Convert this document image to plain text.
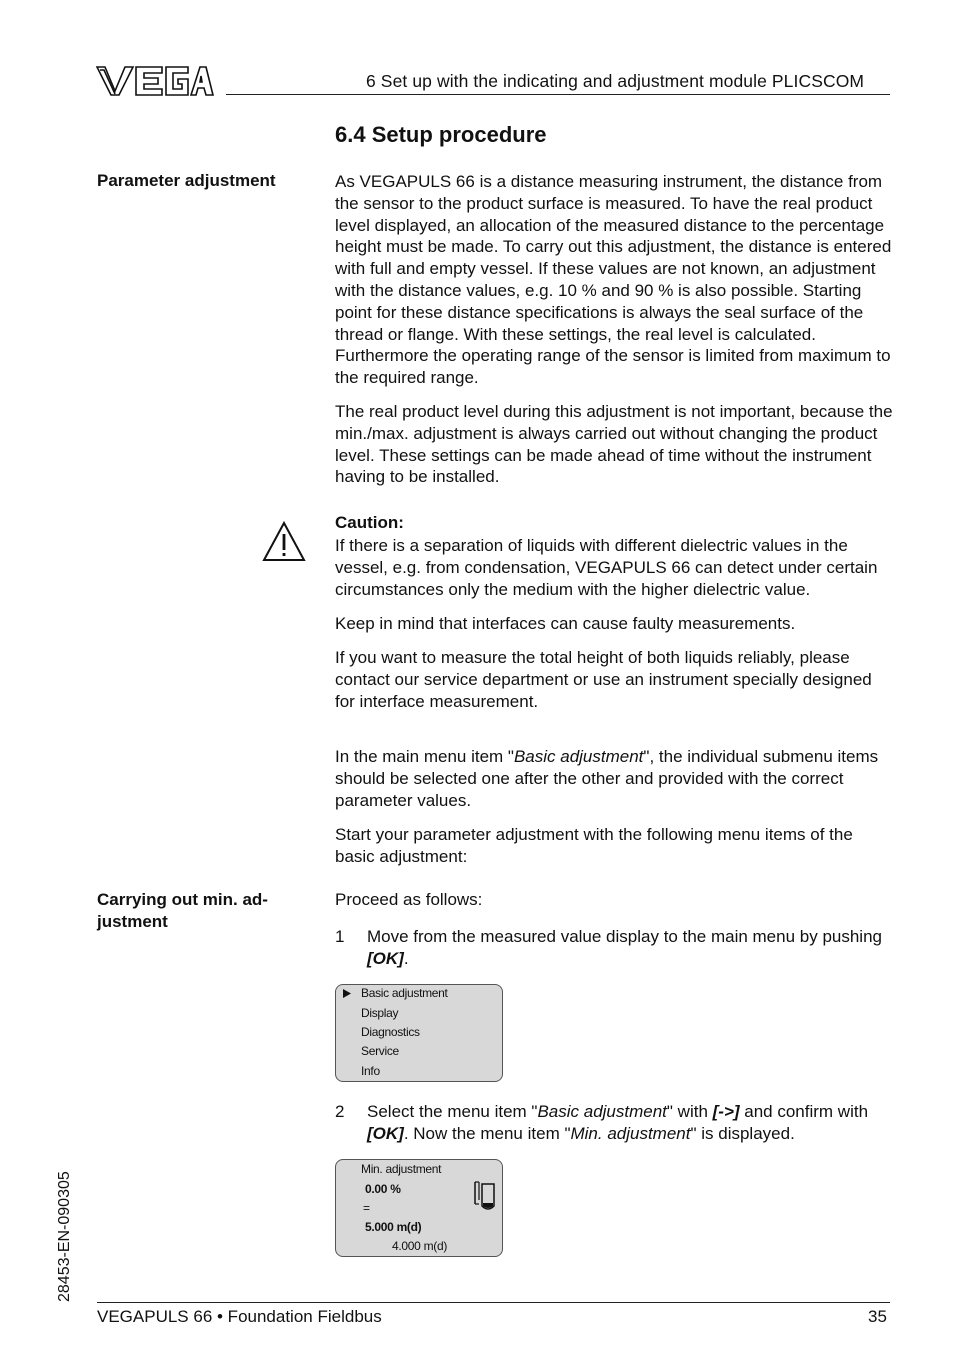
6 Set up with the indicating and adjustment module PLICSCOM
6.4 Setup procedure
Parameter adjustment
Carrying out min. ad-
justment
As VEGAPULS 66 is a distance measuring instrument, the distance from the sensor to the product surface is measured. To have the real product level displayed, an allocation of the measured distance to the percentage height must be made. To carry out this adjustment, the distance is entered with full and empty vessel. If these values are not known, an adjustment with the distance values, e.g. 10 % and 90 % is also possible. Starting point for these distance specifications is always the seal surface of the thread or flange. With these settings, the real level is calculated. Furthermore the operating range of the sensor is limited from maximum to the required range.
The real product level during this adjustment is not important, because the min./max. adjustment is always carried out without changing the product level. These settings can be made ahead of time without the instrument having to be installed.
Caution:
If there is a separation of liquids with different dielectric values in the vessel, e.g. from condensation, VEGAPULS 66 can detect under certain circumstances only the medium with the higher dielectric value.
Keep in mind that interfaces can cause faulty measurements.
If you want to measure the total height of both liquids reliably, please contact our service department or use an instrument specially designed for interface measurement.
In the main menu item "Basic adjustment", the individual submenu items should be selected one after the other and provided with the correct parameter values.
Start your parameter adjustment with the following menu items of the basic adjustment:
Proceed as follows:
1 Move from the measured value display to the main menu by pushing [OK].
Basic adjustment
Display
Diagnostics
Service
Info
2 Select the menu item "Basic adjustment" with [->] and confirm with [OK]. Now the menu item "Min. adjustment" is displayed.
Min. adjustment
0.00 %
=
5.000 m(d)
4.000 m(d)
28453-EN-090305
VEGAPULS 66 • Foundation Fieldbus	35
